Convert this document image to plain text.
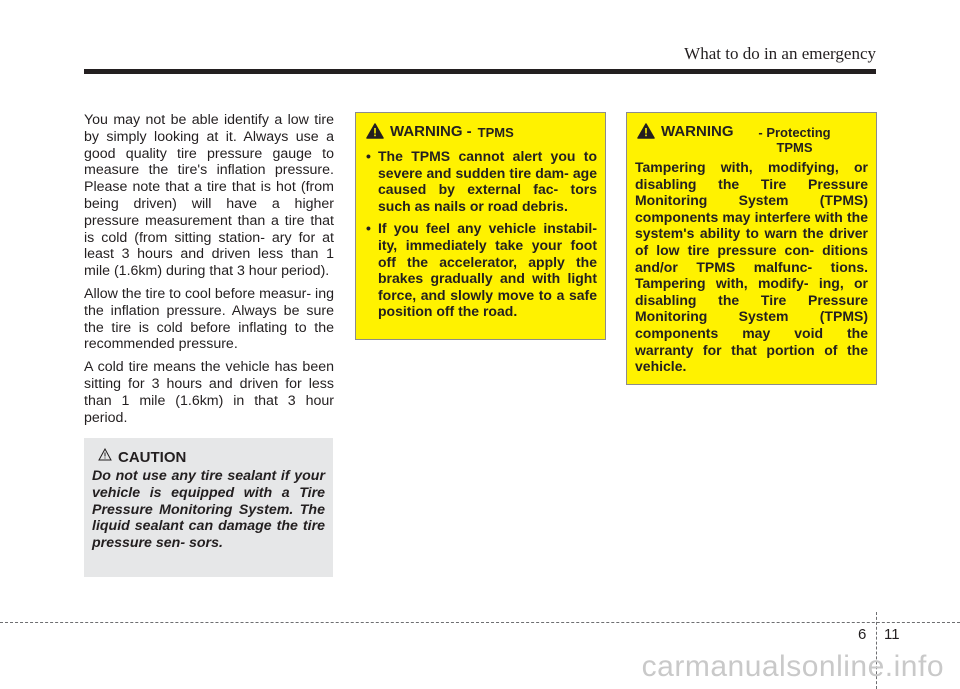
What to do in an emergency

You may not be able identify a low tire by simply looking at it. Always use a good quality tire pressure gauge to measure the tire's inflation pressure. Please note that a tire that is hot (from being driven) will have a higher pressure measurement than a tire that is cold (from sitting station- ary for at least 3 hours and driven less than 1 mile (1.6km) during that 3 hour period).

Allow the tire to cool before measur- ing the inflation pressure. Always be sure the tire is cold before inflating to the recommended pressure.

A cold tire means the vehicle has been sitting for 3 hours and driven for less than 1 mile (1.6km) in that 3 hour period.

CAUTION
Do not use any tire sealant if your vehicle is equipped with a Tire Pressure Monitoring System. The liquid sealant can damage the tire pressure sen- sors.
WARNING - TPMS
• The TPMS cannot alert you to severe and sudden tire dam- age caused by external fac- tors such as nails or road debris.
• If you feel any vehicle instabil- ity, immediately take your foot off the accelerator, apply the brakes gradually and with light force, and slowly move to a safe position off the road.
WARNING	- Protecting TPMS
Tampering with, modifying, or disabling the Tire Pressure Monitoring System (TPMS) components may interfere with the system's ability to warn the driver of low tire pressure con- ditions and/or TPMS malfunc- tions. Tampering with, modify- ing, or disabling the Tire Pressure Monitoring System (TPMS) components may void the warranty for that portion of the vehicle.
6 11
carmanualsonline.info
